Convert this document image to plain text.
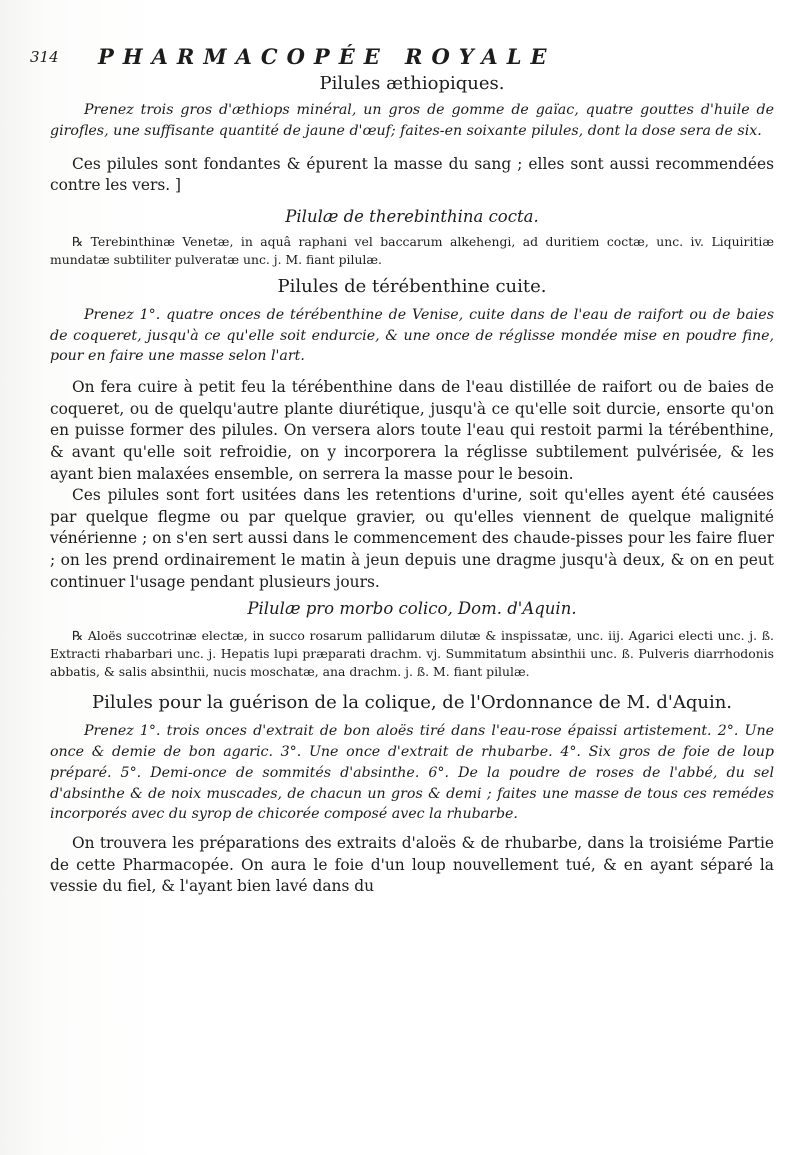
314 PHARMACOPÉE ROYALE
Pilules æthiopiques.

Prenez trois gros d'æthiops minéral, un gros de gomme de gaïac, quatre gouttes d'huile de girofles, une suffisante quantité de jaune d'œuf; faites-en soixante pilules, dont la dose sera de six.

Ces pilules sont fondantes & épurent la masse du sang ; elles sont aussi recommendées contre les vers. ]

Pilulæ de therebinthina cocta.

℞ Terebinthinæ Venetæ, in aquâ raphani vel baccarum alkehengi, ad duritiem coctæ, unc. iv. Liquiritiæ mundatæ subtiliter pulveratæ unc. j. M. fiant pilulæ.

Pilules de térébenthine cuite.

Prenez 1°. quatre onces de térébenthine de Venise, cuite dans de l'eau de raifort ou de baies de coqueret, jusqu'à ce qu'elle soit endurcie, & une once de réglisse mondée mise en poudre fine, pour en faire une masse selon l'art.

On fera cuire à petit feu la térébenthine dans de l'eau distillée de raifort ou de baies de coqueret, ou de quelqu'autre plante diurétique, jusqu'à ce qu'elle soit durcie, ensorte qu'on en puisse former des pilules. On versera alors toute l'eau qui restoit parmi la térébenthine, & avant qu'elle soit refroidie, on y incorporera la réglisse subtilement pulvérisée, & les ayant bien malaxées ensemble, on serrera la masse pour le besoin.

Ces pilules sont fort usitées dans les retentions d'urine, soit qu'elles ayent été causées par quelque flegme ou par quelque gravier, ou qu'elles viennent de quelque malignité vénérienne ; on s'en sert aussi dans le commencement des chaude-pisses pour les faire fluer ; on les prend ordinairement le matin à jeun depuis une dragme jusqu'à deux, & on en peut continuer l'usage pendant plusieurs jours.

Pilulæ pro morbo colico, Dom. d'Aquin.

℞ Aloës succotrinæ electæ, in succo rosarum pallidarum dilutæ & inspissatæ, unc. iij. Agarici electi unc. j. ß. Extracti rhabarbari unc. j. Hepatis lupi præparati drachm. vj. Summitatum absinthii unc. ß. Pulveris diarrhodonis abbatis, & salis absinthii, nucis moschatæ, ana drachm. j. ß. M. fiant pilulæ.

Pilules pour la guérison de la colique, de l'Ordonnance de M. d'Aquin.

Prenez 1°. trois onces d'extrait de bon aloës tiré dans l'eau-rose épaissi artistement. 2°. Une once & demie de bon agaric. 3°. Une once d'extrait de rhubarbe. 4°. Six gros de foie de loup préparé. 5°. Demi-once de sommités d'absinthe. 6°. De la poudre de roses de l'abbé, du sel d'absinthe & de noix muscades, de chacun un gros & demi ; faites une masse de tous ces remédes incorporés avec du syrop de chicorée composé avec la rhubarbe.

On trouvera les préparations des extraits d'aloës & de rhubarbe, dans la troisiéme Partie de cette Pharmacopée. On aura le foie d'un loup nouvellement tué, & en ayant séparé la vessie du fiel, & l'ayant bien lavé dans du
